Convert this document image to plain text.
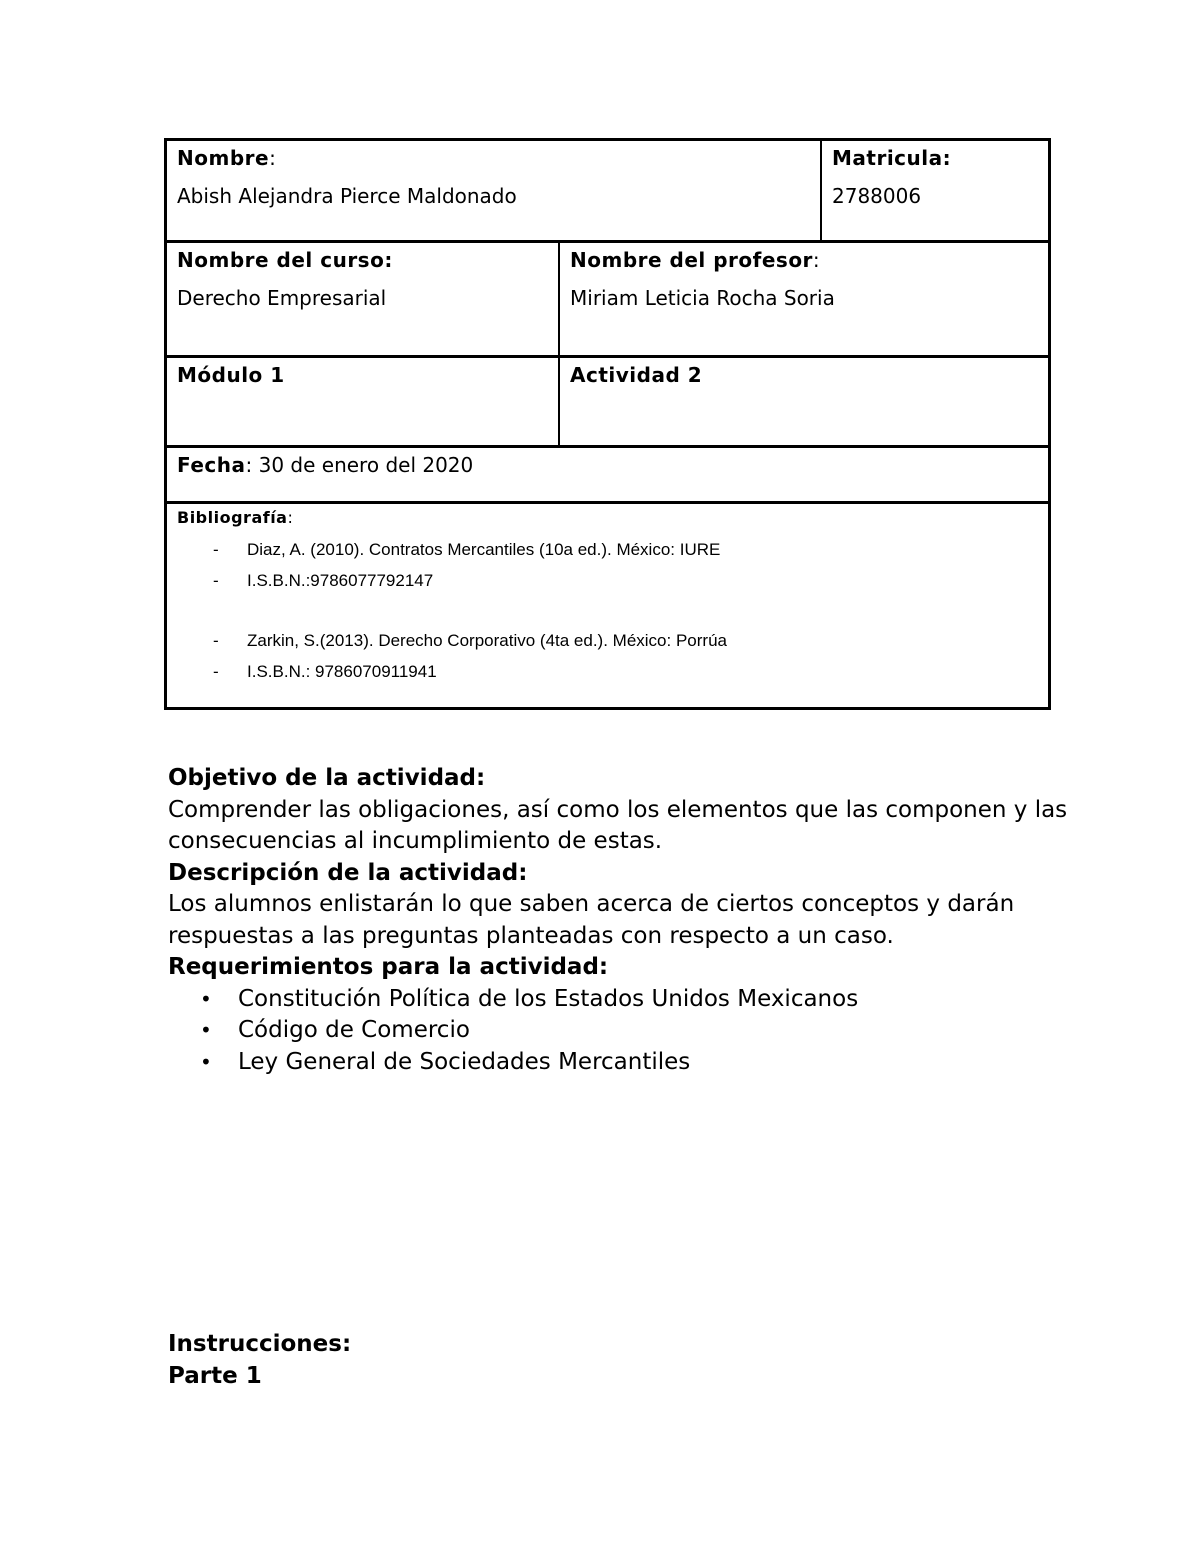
Nombre:
Abish Alejandra Pierce Maldonado
Matricula:
2788006
Nombre del curso:
Derecho Empresarial
Nombre del profesor:
Miriam Leticia Rocha Soria
Módulo 1	Actividad 2
Fecha: 30 de enero del 2020
Bibliografía:
- Diaz, A. (2010). Contratos Mercantiles (10a ed.). México: IURE
- I.S.B.N.:9786077792147
- Zarkin, S.(2013). Derecho Corporativo (4ta ed.). México: Porrúa
- I.S.B.N.: 9786070911941

Objetivo de la actividad:

Comprender las obligaciones, así como los elementos que las componen y las consecuencias al incumplimiento de estas.

Descripción de la actividad:

Los alumnos enlistarán lo que saben acerca de ciertos conceptos y darán respuestas a las preguntas planteadas con respecto a un caso.

Requerimientos para la actividad:

• Constitución Política de los Estados Unidos Mexicanos
• Código de Comercio
• Ley General de Sociedades Mercantiles

Instrucciones:

Parte 1
